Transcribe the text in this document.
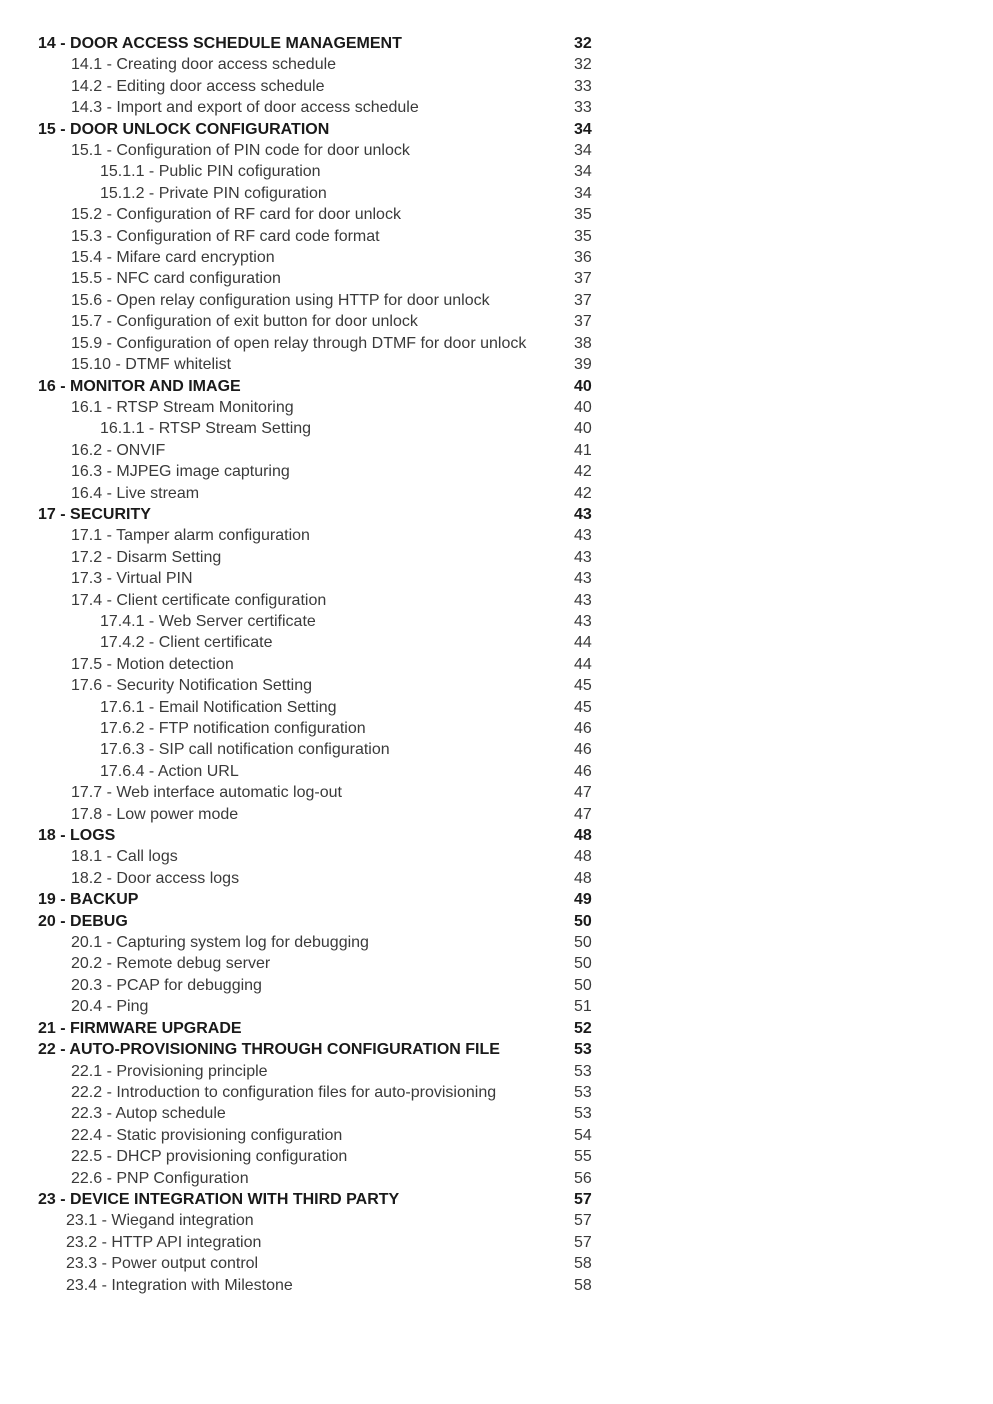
14 - DOOR ACCESS SCHEDULE MANAGEMENT	32
14.1 - Creating door access schedule	32
14.2 - Editing door access schedule	33
14.3 - Import and export of door access schedule	33
15 - DOOR UNLOCK CONFIGURATION	34
15.1 - Configuration of PIN code for door unlock	34
15.1.1 - Public PIN cofiguration	34
15.1.2 - Private PIN cofiguration	34
15.2 - Configuration of RF card for door unlock	35
15.3 - Configuration of RF card code format	35
15.4 - Mifare card encryption	36
15.5 - NFC card configuration	37
15.6 - Open relay configuration using HTTP for door unlock	37
15.7 - Configuration of exit button for door unlock	37
15.9 - Configuration of open relay through DTMF for door unlock	38
15.10 - DTMF whitelist	39
16 - MONITOR AND IMAGE	40
16.1 - RTSP Stream Monitoring	40
16.1.1 - RTSP Stream Setting	40
16.2 - ONVIF	41
16.3 - MJPEG image capturing	42
16.4 - Live stream	42
17 - SECURITY	43
17.1 - Tamper alarm configuration	43
17.2 - Disarm Setting	43
17.3 - Virtual PIN	43
17.4 - Client certificate configuration	43
17.4.1 - Web Server certificate	43
17.4.2 - Client certificate	44
17.5 - Motion detection	44
17.6 - Security Notification Setting	45
17.6.1 - Email Notification Setting	45
17.6.2 - FTP notification configuration	46
17.6.3 - SIP call notification configuration	46
17.6.4 - Action URL	46
17.7 - Web interface automatic log-out	47
17.8 - Low power mode	47
18 - LOGS	48
18.1 - Call logs	48
18.2 - Door access logs	48
19 - BACKUP	49
20 - DEBUG	50
20.1 - Capturing system log for debugging	50
20.2 - Remote debug server	50
20.3 - PCAP for debugging	50
20.4 - Ping	51
21 - FIRMWARE UPGRADE	52
22 - AUTO-PROVISIONING THROUGH CONFIGURATION FILE	53
22.1 - Provisioning principle	53
22.2 - Introduction to configuration files for auto-provisioning	53
22.3 - Autop schedule	53
22.4 - Static provisioning configuration	54
22.5 - DHCP provisioning configuration	55
22.6 - PNP Configuration	56
23 - DEVICE INTEGRATION WITH THIRD PARTY	57
23.1 - Wiegand integration	57
23.2 - HTTP API integration	57
23.3 - Power output control	58
23.4 - Integration with Milestone	58
